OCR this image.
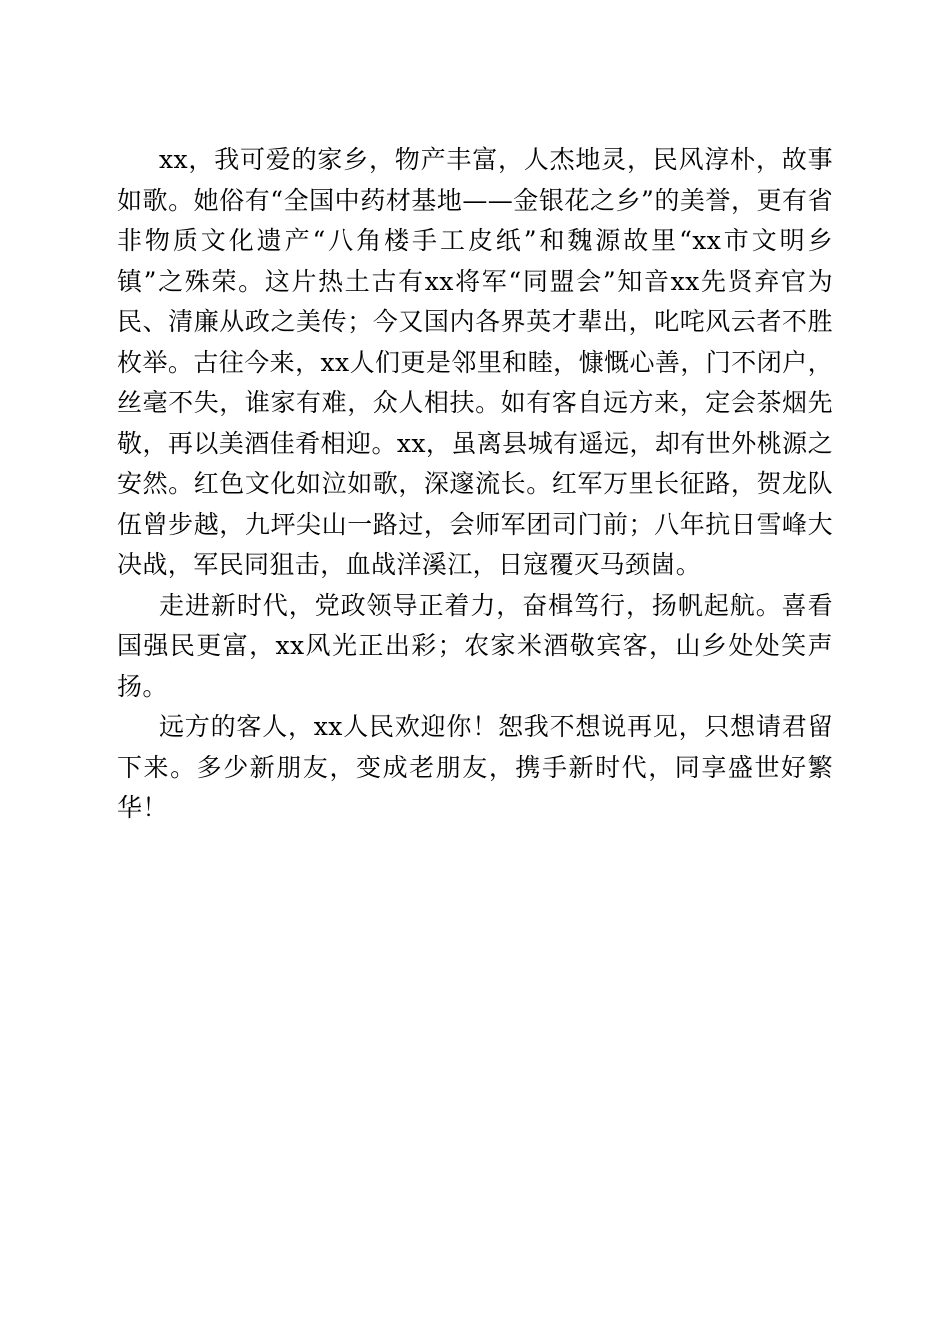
xx，我可爱的家乡，物产丰富，人杰地灵，民风淳朴，故事如歌。她俗有“全国中药材基地——金银花之乡”的美誉，更有省非物质文化遗产“八角楼手工皮纸”和魏源故里“xx市文明乡镇”之殊荣。这片热土古有xx将军“同盟会”知音xx先贤弃官为民、清廉从政之美传；今又国内各界英才辈出，叱咤风云者不胜枚举。古往今来，xx人们更是邻里和睦，慷慨心善，门不闭户，丝毫不失，谁家有难，众人相扶。如有客自远方来，定会茶烟先敬，再以美酒佳肴相迎。xx，虽离县城有遥远，却有世外桃源之安然。红色文化如泣如歌，深邃流长。红军万里长征路，贺龙队伍曾步越，九坪尖山一路过，会师军团司门前；八年抗日雪峰大决战，军民同狙击，血战洋溪江，日寇覆灭马颈崮。

走进新时代，党政领导正着力，奋楫笃行，扬帆起航。喜看国强民更富，xx风光正出彩；农家米酒敬宾客，山乡处处笑声扬。

远方的客人，xx人民欢迎你！恕我不想说再见，只想请君留下来。多少新朋友，变成老朋友，携手新时代，同享盛世好繁华！
